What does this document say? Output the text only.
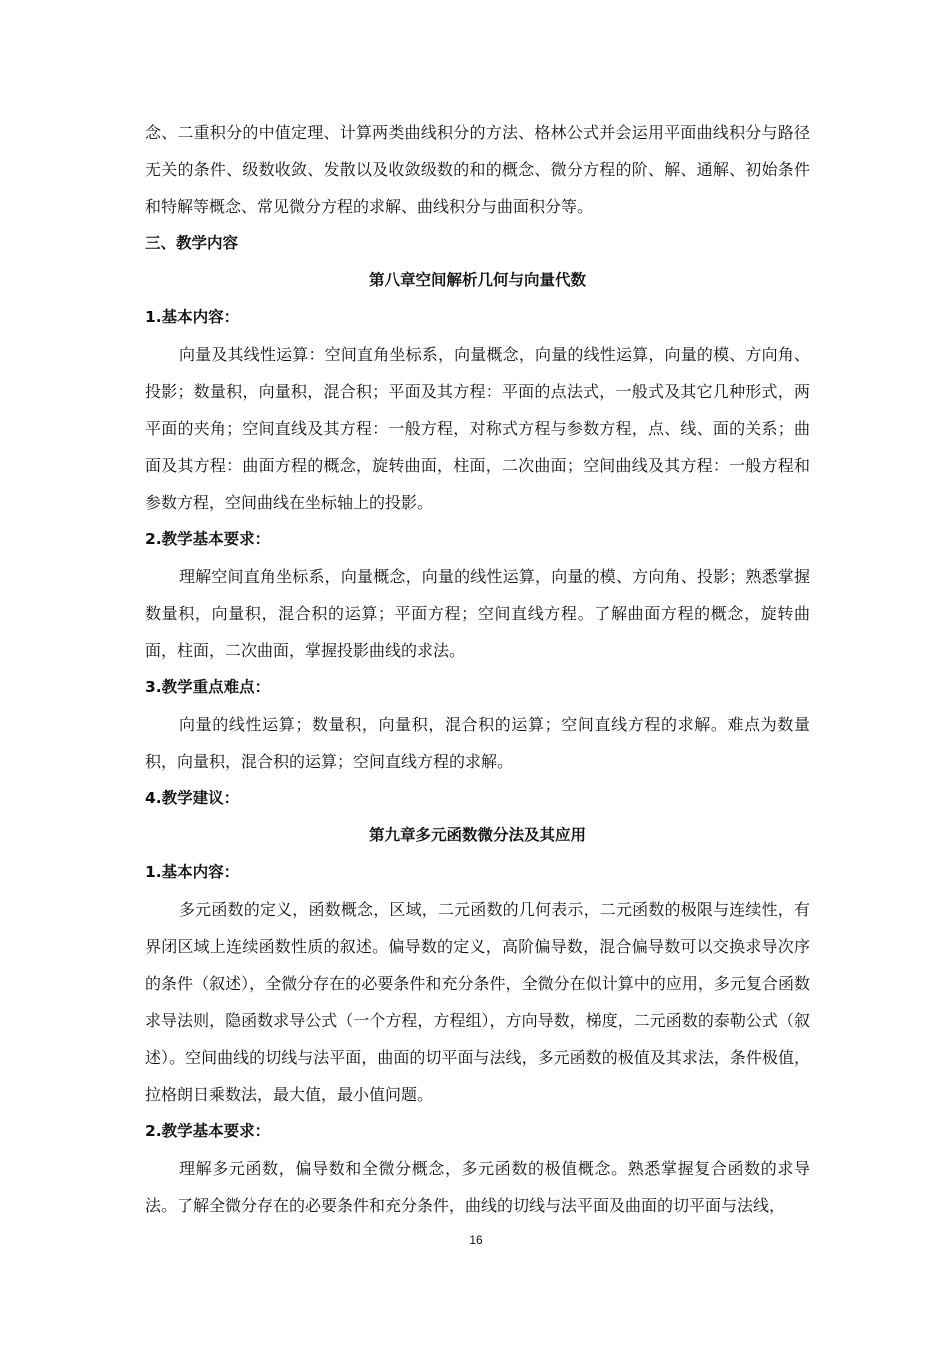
念、二重积分的中值定理、计算两类曲线积分的方法、格林公式并会运用平面曲线积分与路径无关的条件、级数收敛、发散以及收敛级数的和的概念、微分方程的阶、解、通解、初始条件和特解等概念、常见微分方程的求解、曲线积分与曲面积分等。

三、教学内容

第八章空间解析几何与向量代数

1.基本内容：

向量及其线性运算：空间直角坐标系，向量概念，向量的线性运算，向量的模、方向角、投影；数量积，向量积，混合积；平面及其方程：平面的点法式，一般式及其它几种形式，两平面的夹角；空间直线及其方程：一般方程，对称式方程与参数方程，点、线、面的关系；曲面及其方程：曲面方程的概念，旋转曲面，柱面，二次曲面；空间曲线及其方程：一般方程和参数方程，空间曲线在坐标轴上的投影。

2.教学基本要求：

理解空间直角坐标系，向量概念，向量的线性运算，向量的模、方向角、投影；熟悉掌握数量积，向量积，混合积的运算；平面方程；空间直线方程。了解曲面方程的概念，旋转曲面，柱面，二次曲面，掌握投影曲线的求法。

3.教学重点难点：

向量的线性运算；数量积，向量积，混合积的运算；空间直线方程的求解。难点为数量积，向量积，混合积的运算；空间直线方程的求解。

4.教学建议：

第九章多元函数微分法及其应用

1.基本内容：

多元函数的定义，函数概念，区域，二元函数的几何表示，二元函数的极限与连续性，有界闭区域上连续函数性质的叙述。偏导数的定义，高阶偏导数，混合偏导数可以交换求导次序的条件（叙述），全微分存在的必要条件和充分条件，全微分在似计算中的应用，多元复合函数求导法则，隐函数求导公式（一个方程，方程组），方向导数，梯度，二元函数的泰勒公式（叙述）。空间曲线的切线与法平面，曲面的切平面与法线，多元函数的极值及其求法，条件极值，拉格朗日乘数法，最大值，最小值问题。

2.教学基本要求：

理解多元函数，偏导数和全微分概念，多元函数的极值概念。熟悉掌握复合函数的求导法。了解全微分存在的必要条件和充分条件，曲线的切线与法平面及曲面的切平面与法线，

16
